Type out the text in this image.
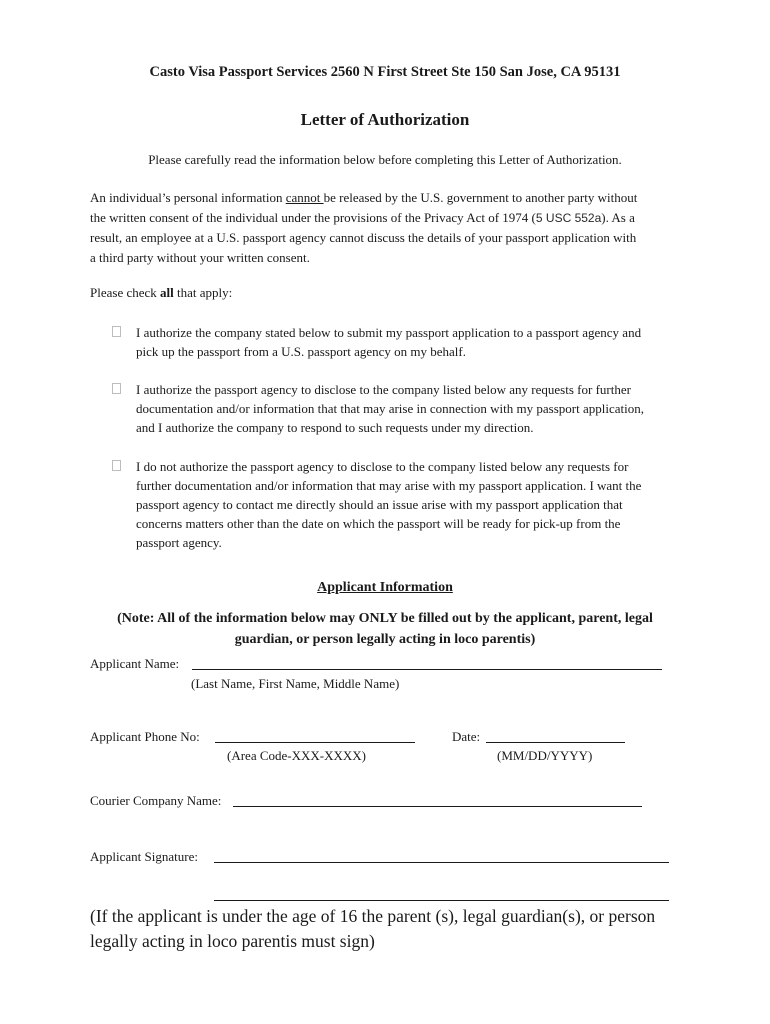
Casto Visa Passport Services 2560 N First Street Ste 150 San Jose, CA 95131
Letter of Authorization
Please carefully read the information below before completing this Letter of Authorization.

An individual’s personal information cannot be released by the U.S. government to another party without

the written consent of the individual under the provisions of the Privacy Act of 1974 (5 USC 552a). As a

result, an employee at a U.S. passport agency cannot discuss the details of your passport application with

a third party without your written consent.

Please check all that apply:
I authorize the company stated below to submit my passport application to a passport agency and
pick up the passport from a U.S. passport agency on my behalf.
I authorize the passport agency to disclose to the company listed below any requests for further
documentation and/or information that that may arise in connection with my passport application,
and I authorize the company to respond to such requests under my direction.
I do not authorize the passport agency to disclose to the company listed below any requests for
further documentation and/or information that may arise with my passport application. I want the
passport agency to contact me directly should an issue arise with my passport application that
concerns matters other than the date on which the passport will be ready for pick-up from the
passport agency.
Applicant Information
(Note: All of the information below may ONLY be filled out by the applicant, parent, legal
guardian, or person legally acting in loco parentis)
Applicant Name:
(Last Name, First Name, Middle Name)
Applicant Phone No:
(Area Code-XXX-XXXX)
Date:
(MM/DD/YYYY)
Courier Company Name:
Applicant Signature:
(If the applicant is under the age of 16 the parent (s), legal guardian(s), or person
legally acting in loco parentis must sign)
